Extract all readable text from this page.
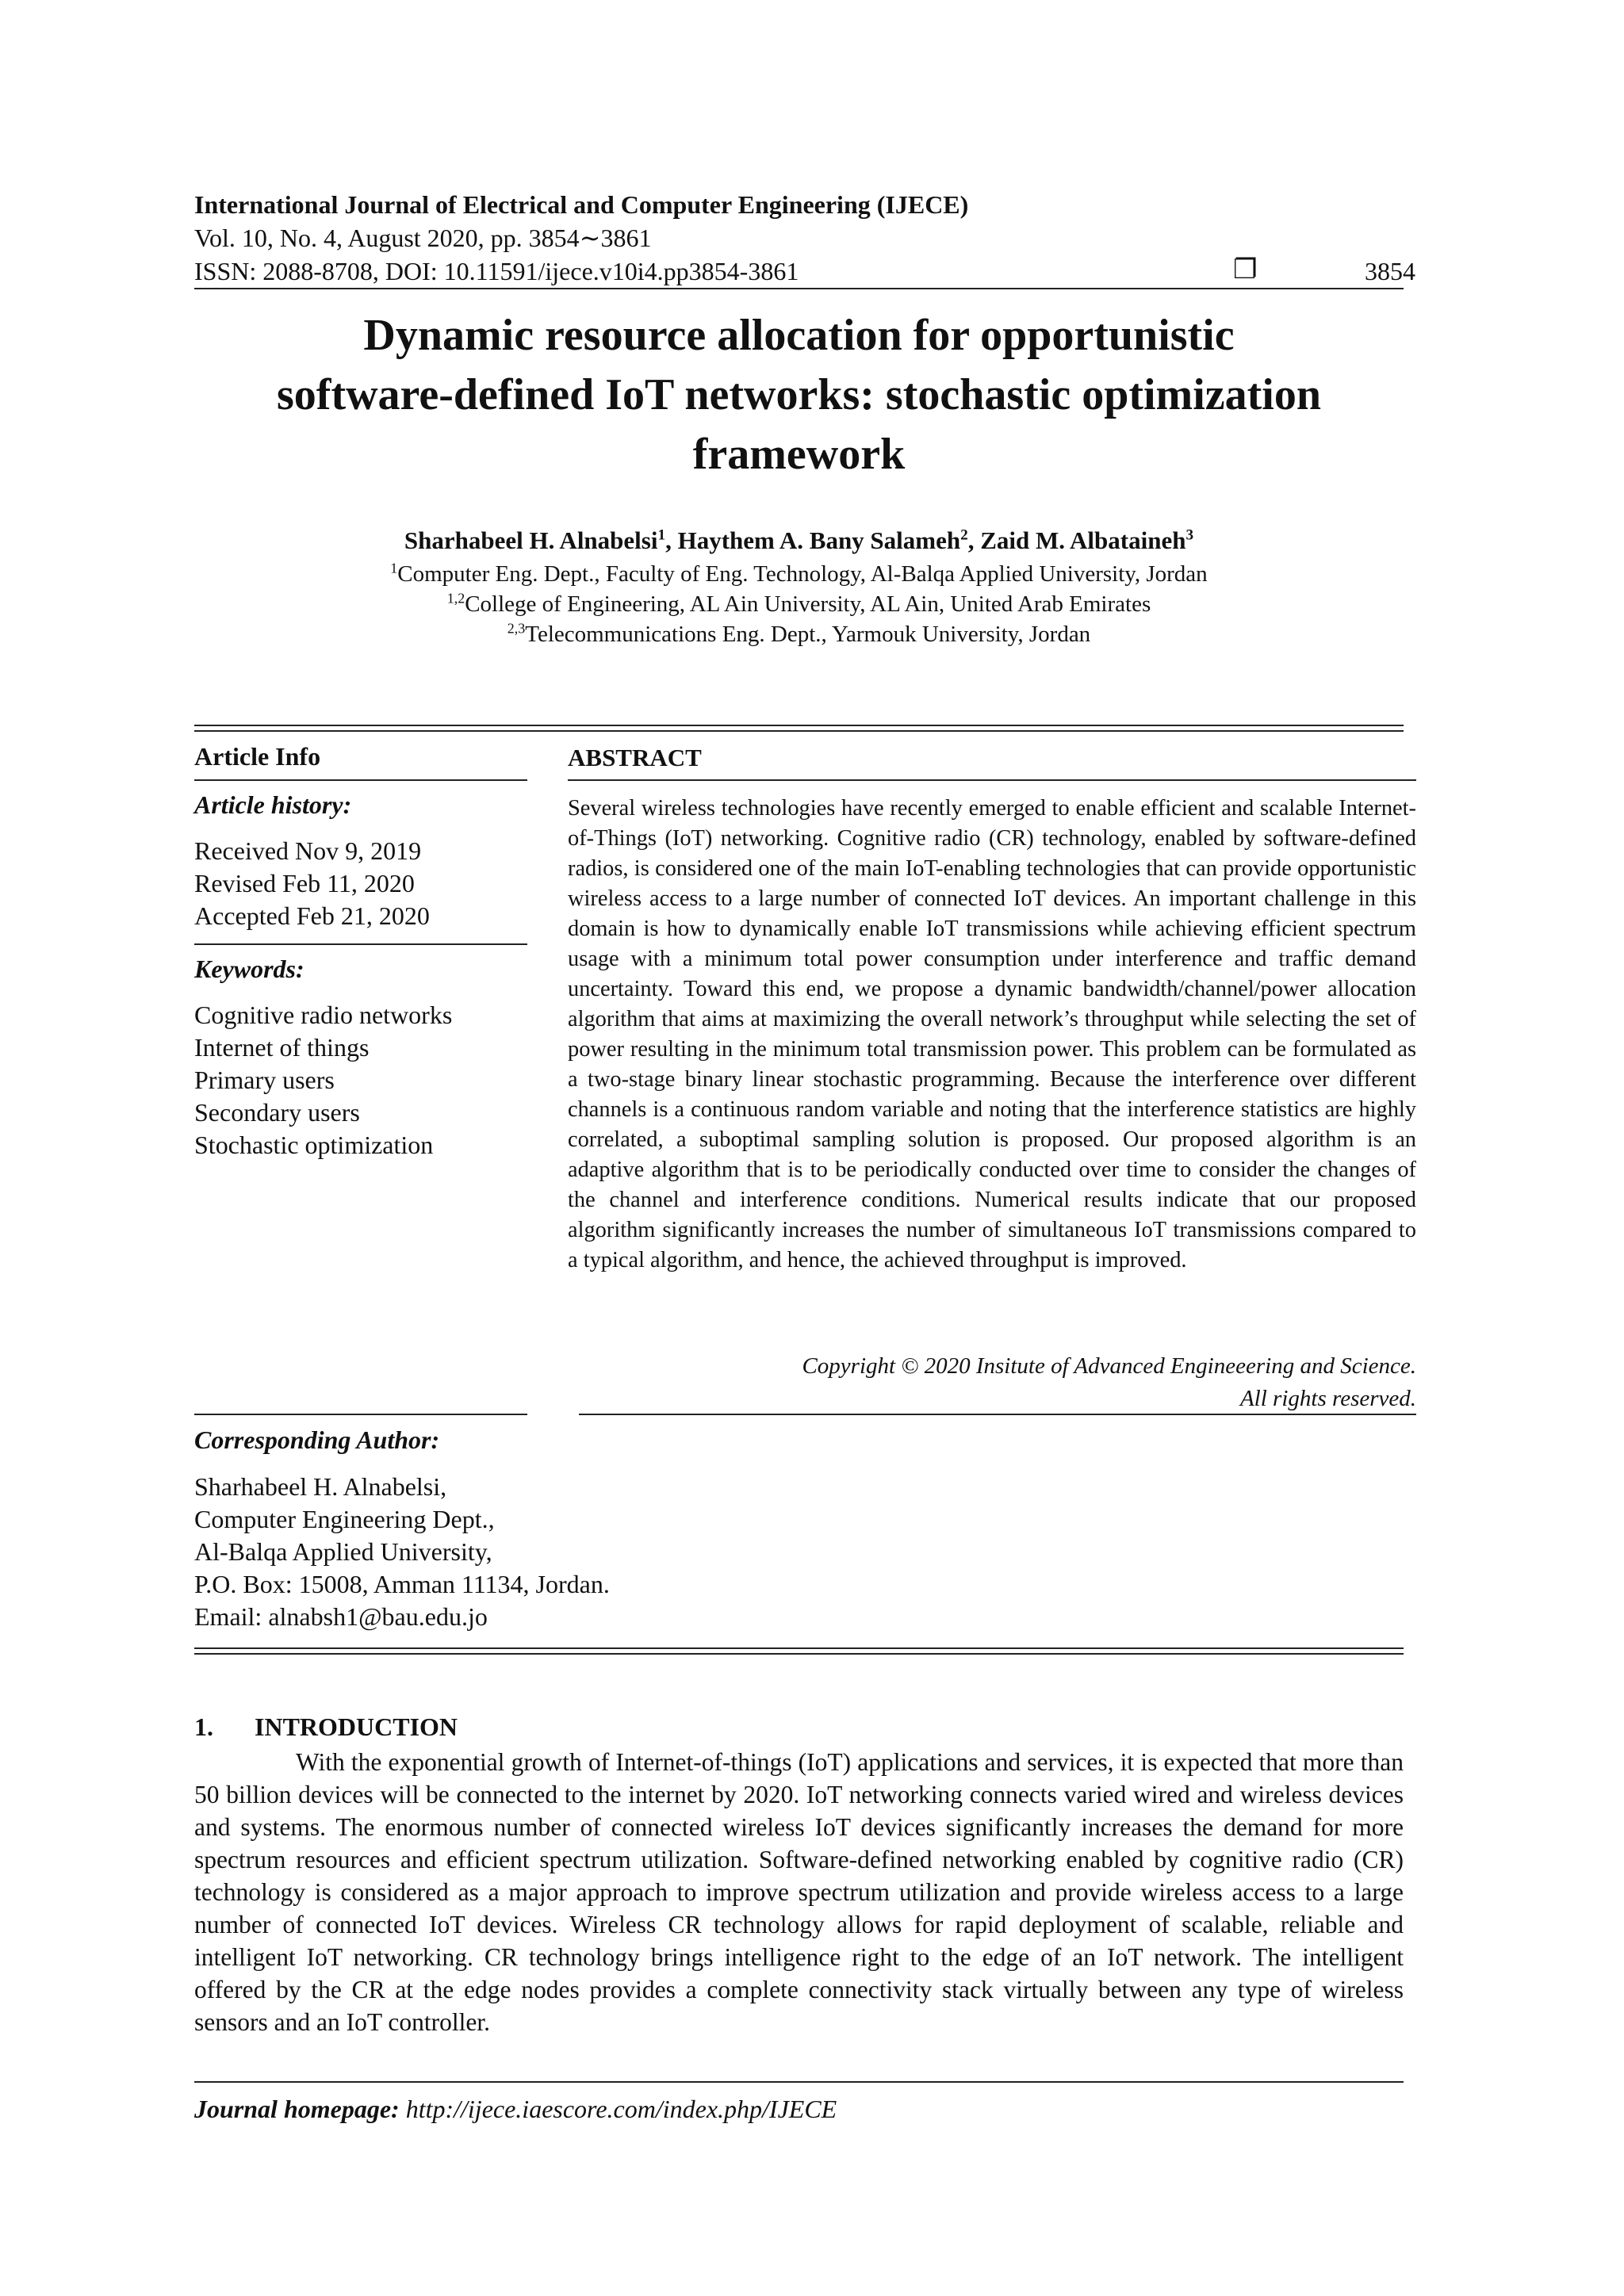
International Journal of Electrical and Computer Engineering (IJECE)
Vol. 10, No. 4, August 2020, pp. 3854∼3861
ISSN: 2088-8708, DOI: 10.11591/ijece.v10i4.pp3854-3861	❐	3854
Dynamic resource allocation for opportunistic
software-defined IoT networks: stochastic optimization
framework
Sharhabeel H. Alnabelsi$^1$, Haythem A. Bany Salameh$^2$, Zaid M. Albataineh$^3$
$^1$Computer Eng. Dept., Faculty of Eng. Technology, Al-Balqa Applied University, Jordan
$^{1,2}$College of Engineering, AL Ain University, AL Ain, United Arab Emirates
$^{2,3}$Telecommunications Eng. Dept., Yarmouk University, Jordan
Article Info
Article history:
Received Nov 9, 2019
Revised Feb 11, 2020
Accepted Feb 21, 2020
Keywords:
Cognitive radio networks
Internet of things
Primary users
Secondary users
Stochastic optimization
ABSTRACT
Several wireless technologies have recently emerged to enable efficient and scalable Internet-of-Things (IoT) networking. Cognitive radio (CR) technology, enabled by software-defined radios, is considered one of the main IoT-enabling technologies that can provide opportunistic wireless access to a large number of connected IoT devices. An important challenge in this domain is how to dynamically enable IoT transmissions while achieving efficient spectrum usage with a minimum total power consumption under interference and traffic demand uncertainty. Toward this end, we propose a dynamic bandwidth/channel/power allocation algorithm that aims at maximizing the overall network’s throughput while selecting the set of power resulting in the minimum total transmission power. This problem can be formulated as a two-stage binary linear stochastic programming. Because the interference over different channels is a continuous random variable and noting that the interference statistics are highly correlated, a suboptimal sampling solution is proposed. Our proposed algorithm is an adaptive algorithm that is to be periodically conducted over time to consider the changes of the channel and interference conditions. Numerical results indicate that our proposed algorithm significantly increases the number of simultaneous IoT transmissions compared to a typical algorithm, and hence, the achieved throughput is improved.
Copyright © 2020 Insitute of Advanced Engineeering and Science.
All rights reserved.
Corresponding Author:
Sharhabeel H. Alnabelsi,
Computer Engineering Dept.,
Al-Balqa Applied University,
P.O. Box: 15008, Amman 11134, Jordan.
Email: alnabsh1@bau.edu.jo
1. INTRODUCTION
With the exponential growth of Internet-of-things (IoT) applications and services, it is expected that more than 50 billion devices will be connected to the internet by 2020. IoT networking connects varied wired and wireless devices and systems. The enormous number of connected wireless IoT devices significantly increases the demand for more spectrum resources and efficient spectrum utilization. Software-defined networking enabled by cognitive radio (CR) technology is considered as a major approach to improve spectrum utilization and provide wireless access to a large number of connected IoT devices. Wireless CR technology allows for rapid deployment of scalable, reliable and intelligent IoT networking. CR technology brings intelligence right to the edge of an IoT network. The intelligent offered by the CR at the edge nodes provides a complete connectivity stack virtually between any type of wireless sensors and an IoT controller.
Journal homepage: http://ijece.iaescore.com/index.php/IJECE
